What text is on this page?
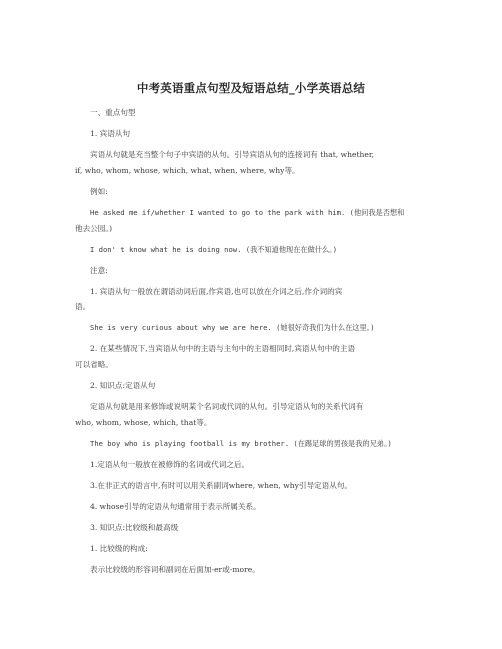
中考英语重点句型及短语总结_小学英语总结
一、重点句型
1. 宾语从句
宾语从句就是充当整个句子中宾语的从句。引导宾语从句的连接词有 that, whether,
if, who, whom, whose, which, what, when, where, why等。
例如:
He asked me if/whether I wanted to go to the park with him. (他问我是否想和
他去公园。)
I don' t know what he is doing now. (我不知道他现在在做什么。)
注意:
1. 宾语从句一般放在谓语动词后面,作宾语,也可以放在介词之后,作介词的宾
语。
She is very curious about why we are here. (她很好奇我们为什么在这里。)
2. 在某些情况下,当宾语从句中的主语与主句中的主语相同时,宾语从句中的主语
可以省略。
2. 知识点:定语从句
定语从句就是用来修饰或说明某个名词或代词的从句。引导定语从句的关系代词有
who, whom, whose, which, that等。
The boy who is playing football is my brother. (在踢足球的男孩是我的兄弟。)
1.定语从句一般放在被修饰的名词或代词之后。
3.在非正式的语言中,有时可以用关系副词where, when, why引导定语从句。
4. whose引导的定语从句通常用于表示所属关系。
3. 知识点:比较级和最高级
1. 比较级的构成:
表示比较级的形容词和副词在后面加-er或-more。
